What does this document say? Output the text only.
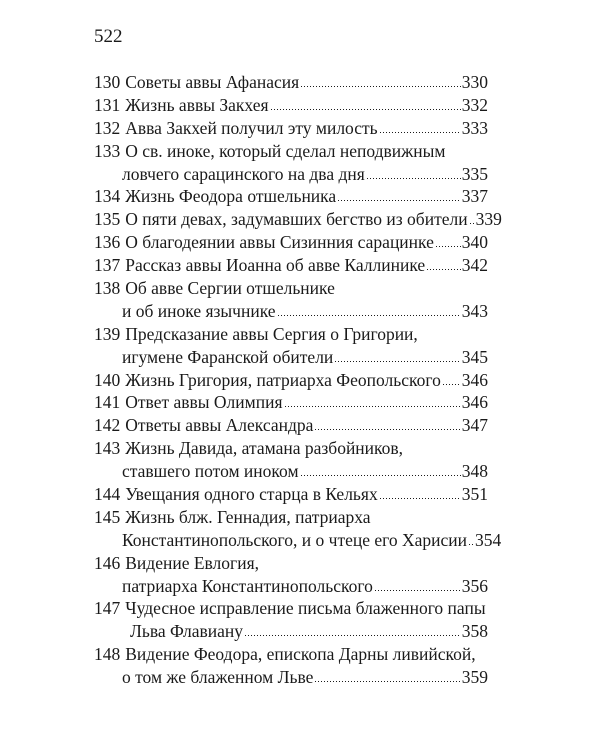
522
130 Советы аввы Афанасия	330
131 Жизнь аввы Закхея	332
132 Авва Закхей получил эту милость	333
133 О св. иноке, который сделал неподвижным
ловчего сарацинского на два дня	335
134 Жизнь Феодора отшельника	337
135 О пяти девах, задумавших бегство из обители 339
136 О благодеянии аввы Сизинния сарацинке 340
137 Рассказ аввы Иоанна об авве Каллинике 342
138 Об авве Сергии отшельнике
и об иноке язычнике	343
139 Предсказание аввы Сергия о Григории,
игумене Фаранской обители	345
140 Жизнь Григория, патриарха Феопольского 346
141 Ответ аввы Олимпия	346
142 Ответы аввы Александра	347
143 Жизнь Давида, атамана разбойников,
ставшего потом иноком	348
144 Увещания одного старца в Кельях	351
145 Жизнь блж. Геннадия, патриарха
Константинопольского, и о чтеце его Харисии 354
146 Видение Евлогия,
патриарха Константинопольского	356
147 Чудесное исправление письма блаженного папы
Льва Флавиану	358
148 Видение Феодора, епископа Дарны ливийской,
о том же блаженном Льве	359
